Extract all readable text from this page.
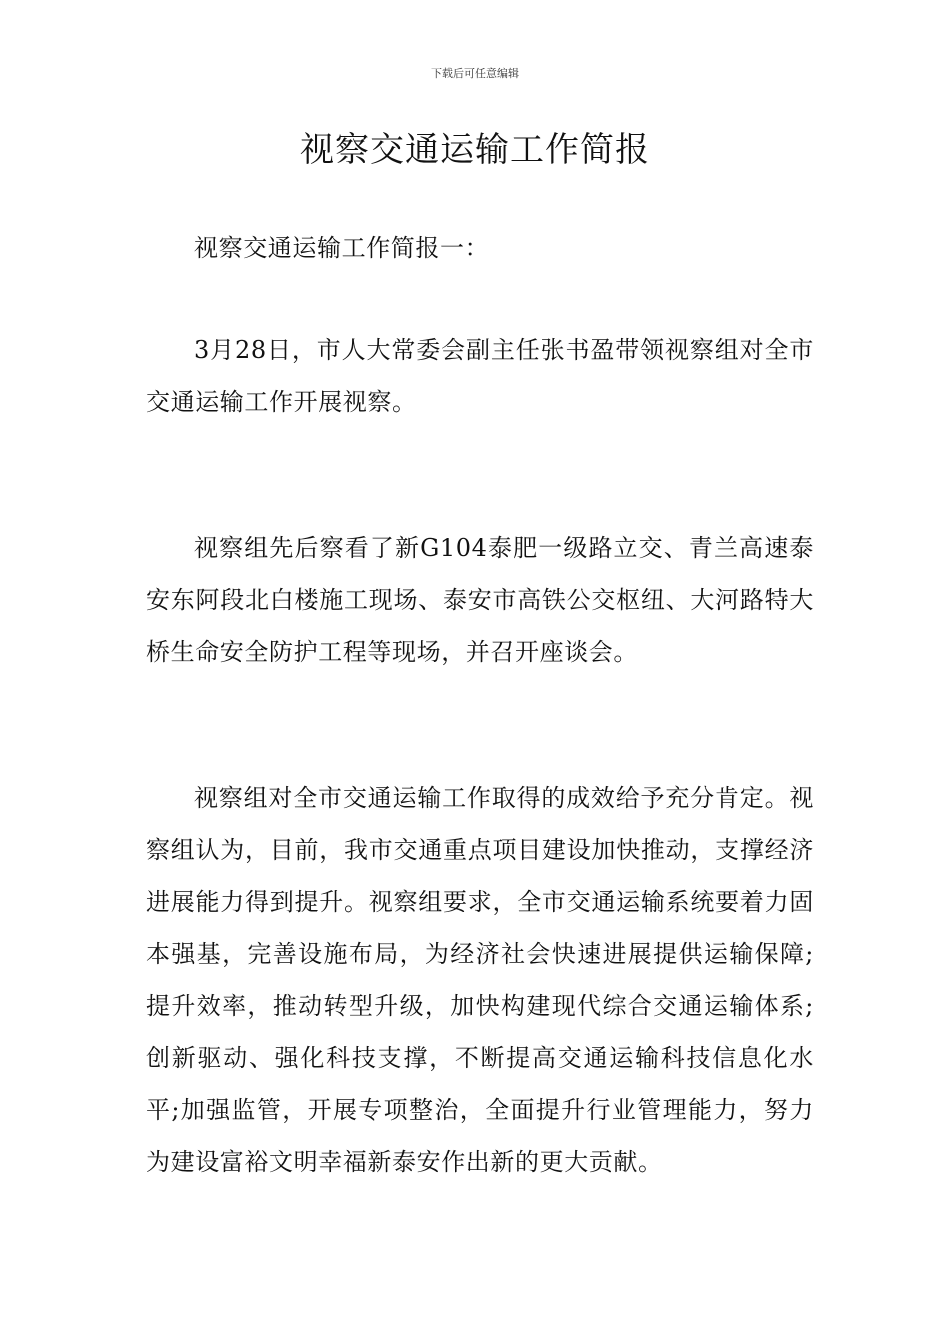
下载后可任意编辑
视察交通运输工作简报

视察交通运输工作简报一：

3月28日，市人大常委会副主任张书盈带领视察组对全市交通运输工作开展视察。

视察组先后察看了新G104泰肥一级路立交、青兰高速泰安东阿段北白楼施工现场、泰安市高铁公交枢纽、大河路特大桥生命安全防护工程等现场，并召开座谈会。

视察组对全市交通运输工作取得的成效给予充分肯定。视察组认为，目前，我市交通重点项目建设加快推动，支撑经济进展能力得到提升。视察组要求，全市交通运输系统要着力固本强基，完善设施布局，为经济社会快速进展提供运输保障;提升效率，推动转型升级，加快构建现代综合交通运输体系;创新驱动、强化科技支撑，不断提高交通运输科技信息化水平;加强监管，开展专项整治，全面提升行业管理能力，努力为建设富裕文明幸福新泰安作出新的更大贡献。
